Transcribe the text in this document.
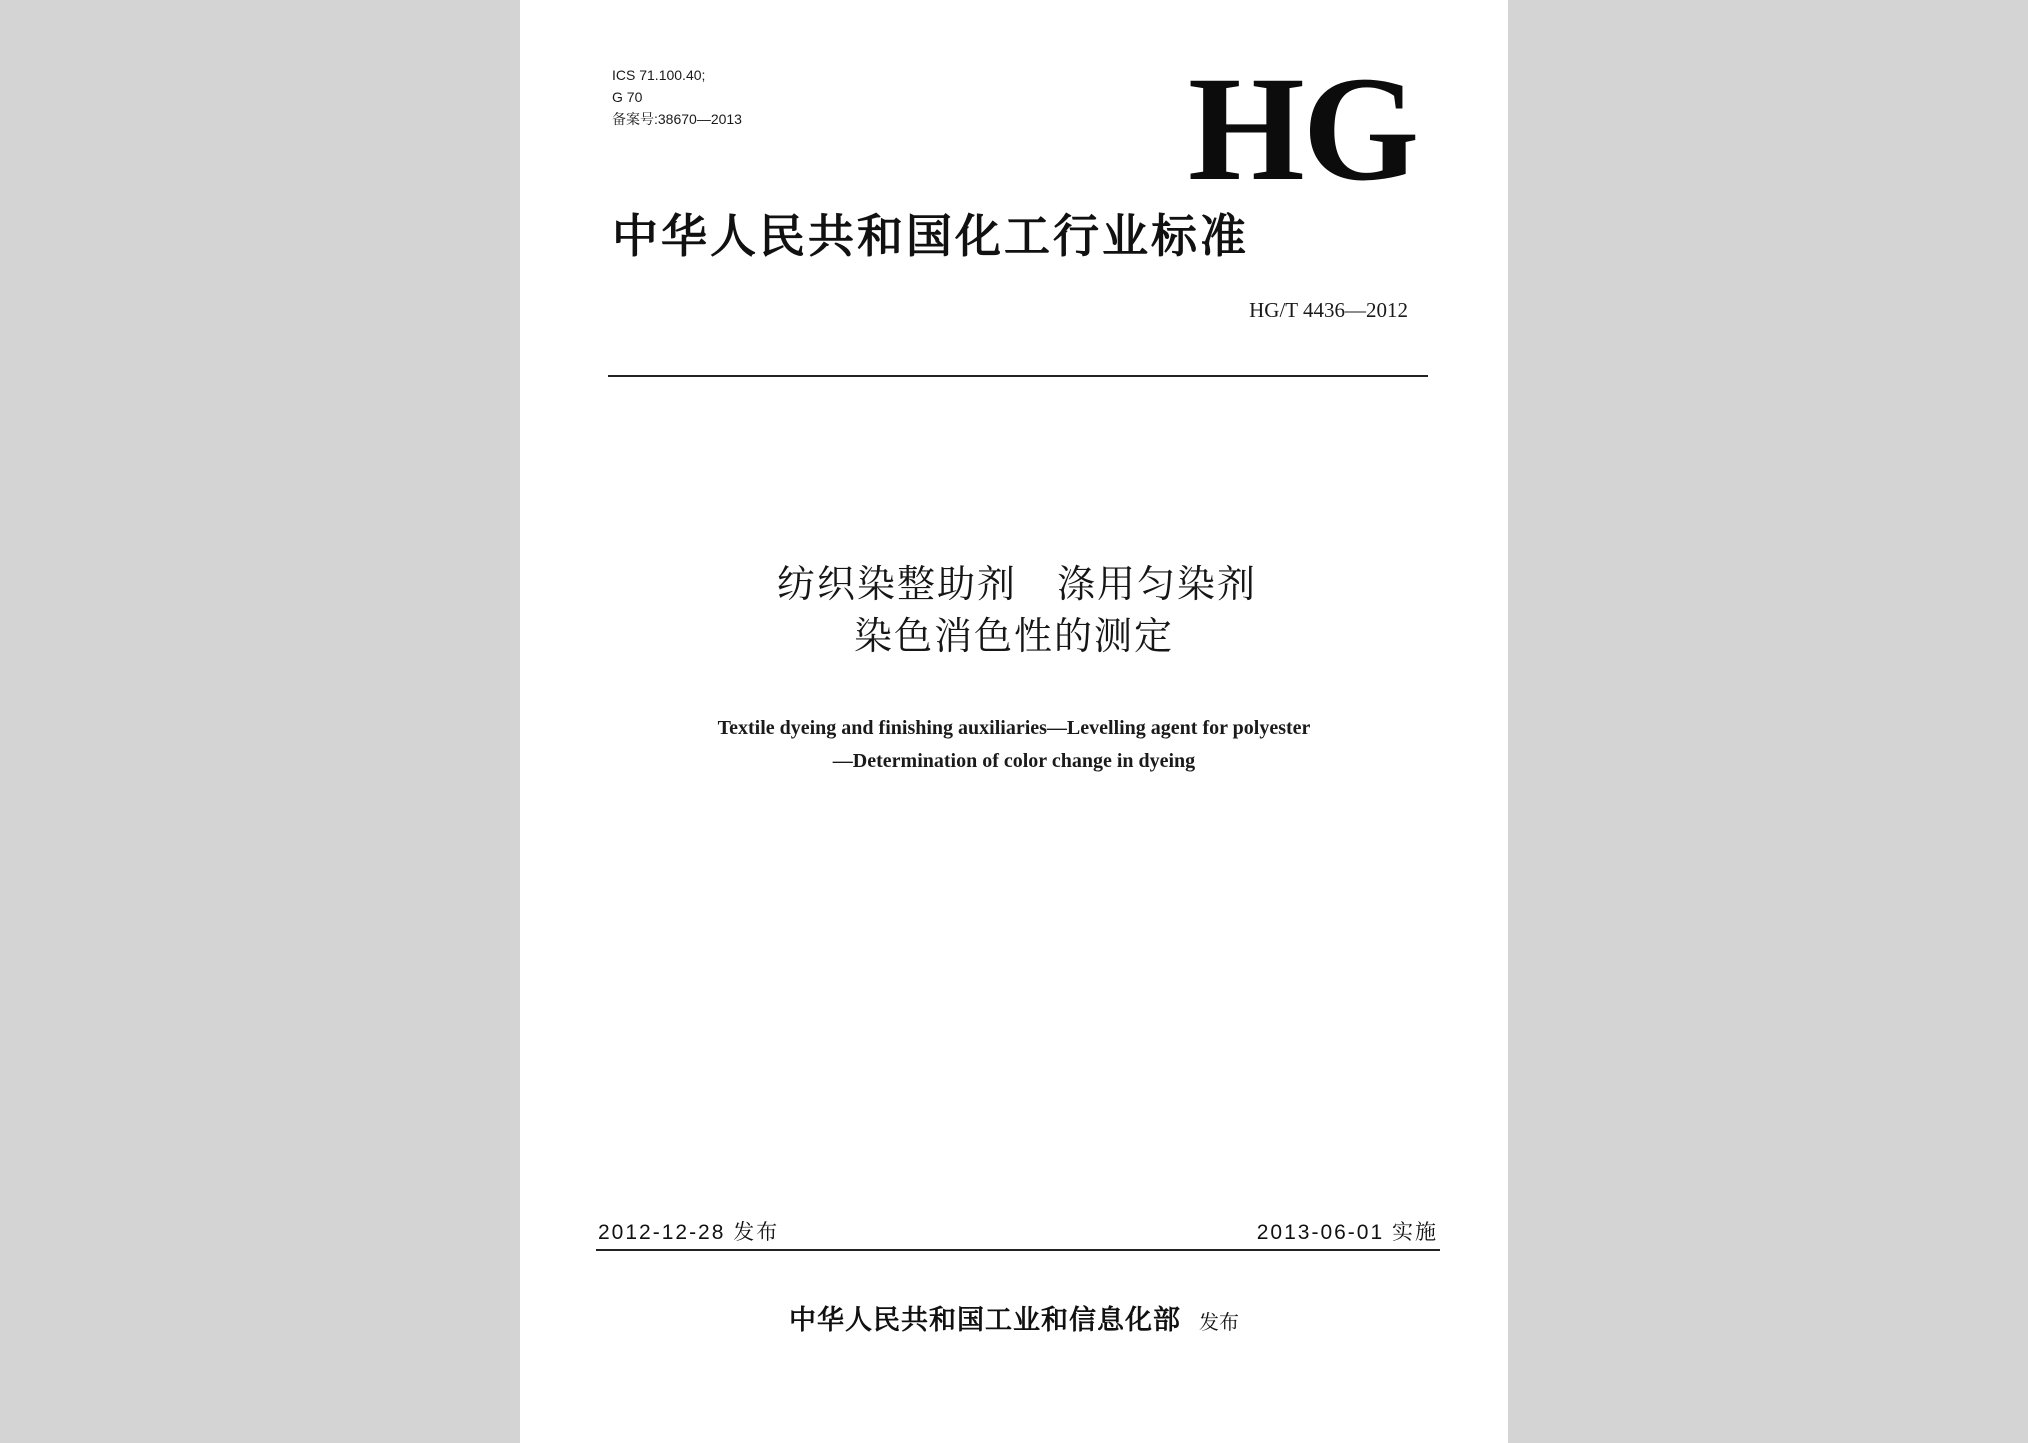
ICS 71.100.40;
G 70
备案号:38670—2013	HG
中华人民共和国化工行业标准
HG/T 4436—2012
纺织染整助剂　涤用匀染剂
染色消色性的测定
Textile dyeing and finishing auxiliaries—Levelling agent for polyester
—Determination of color change in dyeing
2012-12-28 发布	2013-06-01 实施
中华人民共和国工业和信息化部 发布
